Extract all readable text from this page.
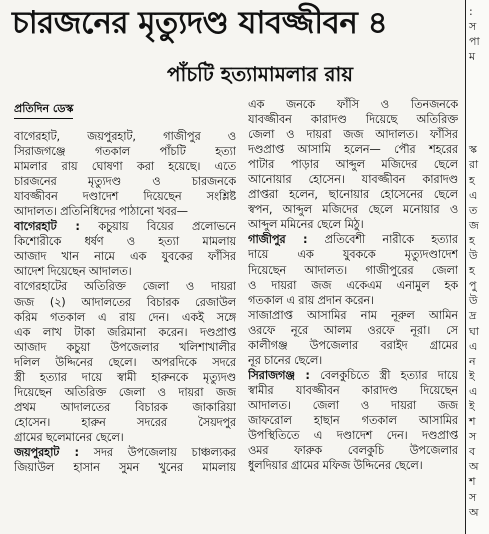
চারজনের মৃত্যুদণ্ড যাবজ্জীবন ৪
পাঁচটি হত্যামামলার রায়
প্রতিদিন ডেস্ক
বাগেরহাট, জয়পুরহাট, গাজীপুর ও
সিরাজগঞ্জে গতকাল পাঁচটি হত্যা
মামলার রায় ঘোষণা করা হয়েছে। এতে
চারজনের মৃত্যুদণ্ড ও চারজনকে
যাবজ্জীবন দণ্ডাদেশ দিয়েছেন সংশ্লিষ্ট
আদালত। প্রতিনিধিদের পাঠানো খবর—
বাগেরহাট : কচুয়ায় বিয়ের প্রলোভনে
কিশোরীকে ধর্ষণ ও হত্যা মামলায়
আজাদ খান নামে এক যুবকের ফাঁসির
আদেশ দিয়েছেন আদালত।
বাগেরহাটের অতিরিক্ত জেলা ও দায়রা
জজ (২) আদালতের বিচারক রেজাউল
করিম গতকাল এ রায় দেন। একই সঙ্গে
এক লাখ টাকা জরিমানা করেন। দণ্ডপ্রাপ্ত
আজাদ কচুয়া উপজেলার খলিশাখালীর
দলিল উদ্দিনের ছেলে। অপরদিকে সদরে
স্ত্রী হত্যার দায়ে স্বামী হারুনকে মৃত্যুদণ্ড
দিয়েছেন অতিরিক্ত জেলা ও দায়রা জজ
প্রথম আদালতের বিচারক জাকারিয়া
হোসেন। হারুন সদরের সৈয়দপুর
গ্রামের ছলেমানের ছেলে।
জয়পুরহাট : সদর উপজেলায় চাঞ্চল্যকর
জিয়াউল হাসান সুমন খুনের মামলায়
এক জনকে ফাঁসি ও তিনজনকে
যাবজ্জীবন কারাদণ্ড দিয়েছে অতিরিক্ত
জেলা ও দায়রা জজ আদালত। ফাঁসির
দণ্ডপ্রাপ্ত আসামি হলেন— পৌর শহরের
পাটার পাড়ার আব্দুল মজিদের ছেলে
আনোয়ার হোসেন। যাবজ্জীবন কারাদণ্ড
প্রাপ্তরা হলেন, ছানোয়ার হোসেনের ছেলে
স্বপন, আব্দুল মজিদের ছেলে মনোয়ার ও
আব্দুল মমিনের ছেলে মিঠু।
গাজীপুর : প্রতিবেশী নারীকে হত্যার
দায়ে এক যুবককে মৃত্যুদণ্ডাদেশ
দিয়েছেন আদালত। গাজীপুরের জেলা
ও দায়রা জজ একেএম এনামুল হক
গতকাল এ রায় প্রদান করেন।
সাজাপ্রাপ্ত আসামির নাম নূরুল আমিন
ওরফে নূরে আলম ওরফে নূরা। সে
কালীগঞ্জ উপজেলার বরাইদ গ্রামের
নূর চানের ছেলে।
সিরাজগঞ্জ : বেলকুচিতে স্ত্রী হত্যার দায়ে
স্বামীর যাবজ্জীবন কারাদণ্ড দিয়েছেন
আদালত। জেলা ও দায়রা জজ
জাফরোল হাছান গতকাল আসামির
উপস্থিতিতে এ দণ্ডাদেশ দেন। দণ্ডপ্রাপ্ত
ওমর ফারুক বেলকুচি উপজেলার
ধুলদিয়ার গ্রামের মফিজ উদ্দিনের ছেলে।
:
স
পা
ম
স্ক
রা
হ
এ
ত
জ
হ
উ
হ
পু
উ
দ্র
ঘা
এ
ন
ই
এ
ই
শ
স
ব
অ
শ
স
অ
